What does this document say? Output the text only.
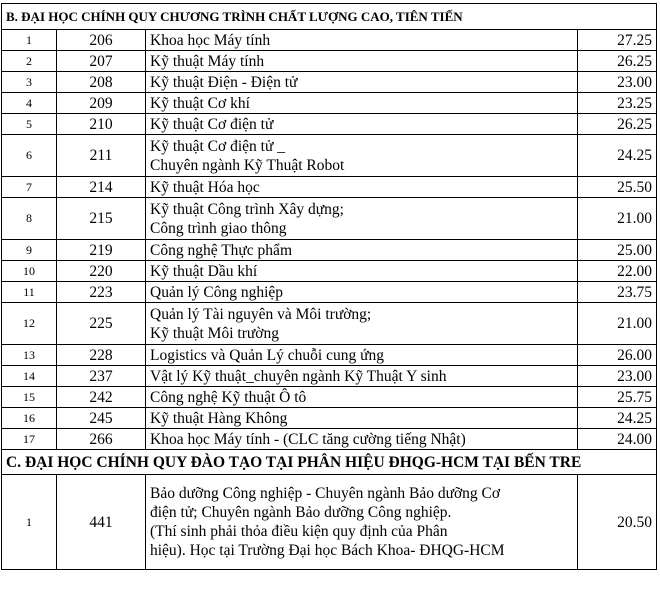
B. ĐẠI HỌC CHÍNH QUY CHƯƠNG TRÌNH CHẤT LƯỢNG CAO, TIÊN TIẾN			
1	206	Khoa học Máy tính	27.25
2	207	Kỹ thuật Máy tính	26.25
3	208	Kỹ thuật Điện - Điện tử	23.00
4	209	Kỹ thuật Cơ khí	23.25
5	210	Kỹ thuật Cơ điện tử	26.25
6	211	Kỹ thuật Cơ điện tử _
Chuyên ngành Kỹ Thuật Robot	24.25
7	214	Kỹ thuật Hóa học	25.50
8	215	Kỹ thuật Công trình Xây dựng;
Công trình giao thông	21.00
9	219	Công nghệ Thực phẩm	25.00
10	220	Kỹ thuật Dầu khí	22.00
11	223	Quản lý Công nghiệp	23.75
12	225	Quản lý Tài nguyên và Môi trường;
Kỹ thuật Môi trường	21.00
13	228	Logistics và Quản Lý chuỗi cung ứng	26.00
14	237	Vật lý Kỹ thuật_chuyên ngành Kỹ Thuật Y sinh	23.00
15	242	Công nghệ Kỹ thuật Ô tô	25.75
16	245	Kỹ thuật Hàng Không	24.25
17	266	Khoa học Máy tính - (CLC tăng cường tiếng Nhật)	24.00
C. ĐẠI HỌC CHÍNH QUY ĐÀO TẠO TẠI PHÂN HIỆU ĐHQG-HCM TẠI BẾN TRE			
1	441	Bảo dưỡng Công nghiệp - Chuyên ngành Bảo dưỡng Cơ
điện tử; Chuyên ngành Bảo dưỡng Công nghiệp.
(Thí sinh phải thỏa điều kiện quy định của Phân
hiệu). Học tại Trường Đại học Bách Khoa- ĐHQG-HCM	20.50
